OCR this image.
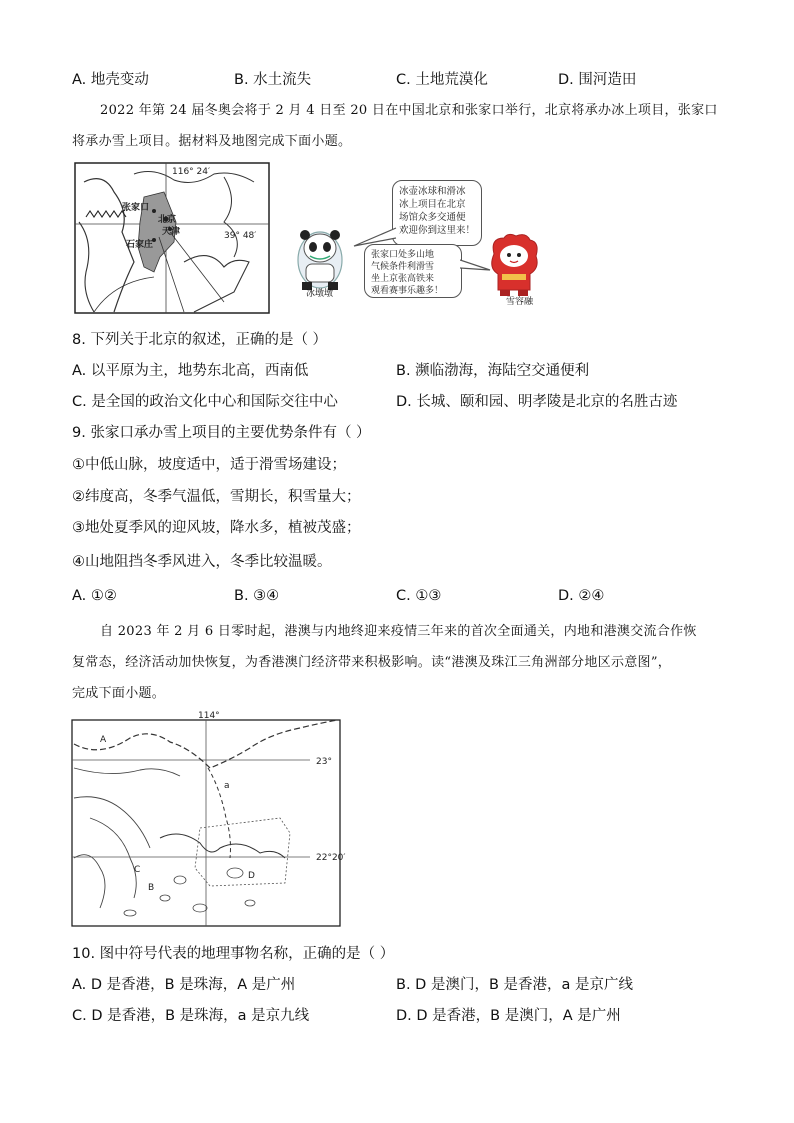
A. 地壳变动	B. 水土流失	C. 土地荒漠化	D. 围河造田
2022 年第 24 届冬奥会将于 2 月 4 日至 20 日在中国北京和张家口举行，北京将承办冰上项目，张家口
将承办雪上项目。据材料及地图完成下面小题。
116° 24′
39° 48′
张家口
北京
天津
石家庄
冰墩墩
冰壶冰球和滑冰
冰上项目在北京
场馆众多交通便
欢迎你到这里来！
张家口处多山地
气候条件利滑雪
坐上京张高铁来
观看赛事乐趣多！
雪容融
8. 下列关于北京的叙述，正确的是（ ）
A. 以平原为主，地势东北高，西南低	B. 濒临渤海，海陆空交通便利
C. 是全国的政治文化中心和国际交往中心	D. 长城、颐和园、明孝陵是北京的名胜古迹
9. 张家口承办雪上项目的主要优势条件有（ ）
①中低山脉，坡度适中，适于滑雪场建设；
②纬度高，冬季气温低，雪期长，积雪量大；
③地处夏季风的迎风坡，降水多，植被茂盛；
④山地阻挡冬季风进入，冬季比较温暖。
A. ①②	B. ③④	C. ①③	D. ②④
自 2023 年 2 月 6 日零时起，港澳与内地终迎来疫情三年来的首次全面通关，内地和港澳交流合作恢
复常态，经济活动加快恢复，为香港澳门经济带来积极影响。读“港澳及珠江三角洲部分地区示意图”，
完成下面小题。
114°
23°
22°20′
A
a
C
B
D
10. 图中符号代表的地理事物名称，正确的是（ ）
A. D 是香港，B 是珠海，A 是广州	B. D 是澳门，B 是香港，a 是京广线
C. D 是香港，B 是珠海，a 是京九线	D. D 是香港，B 是澳门，A 是广州
